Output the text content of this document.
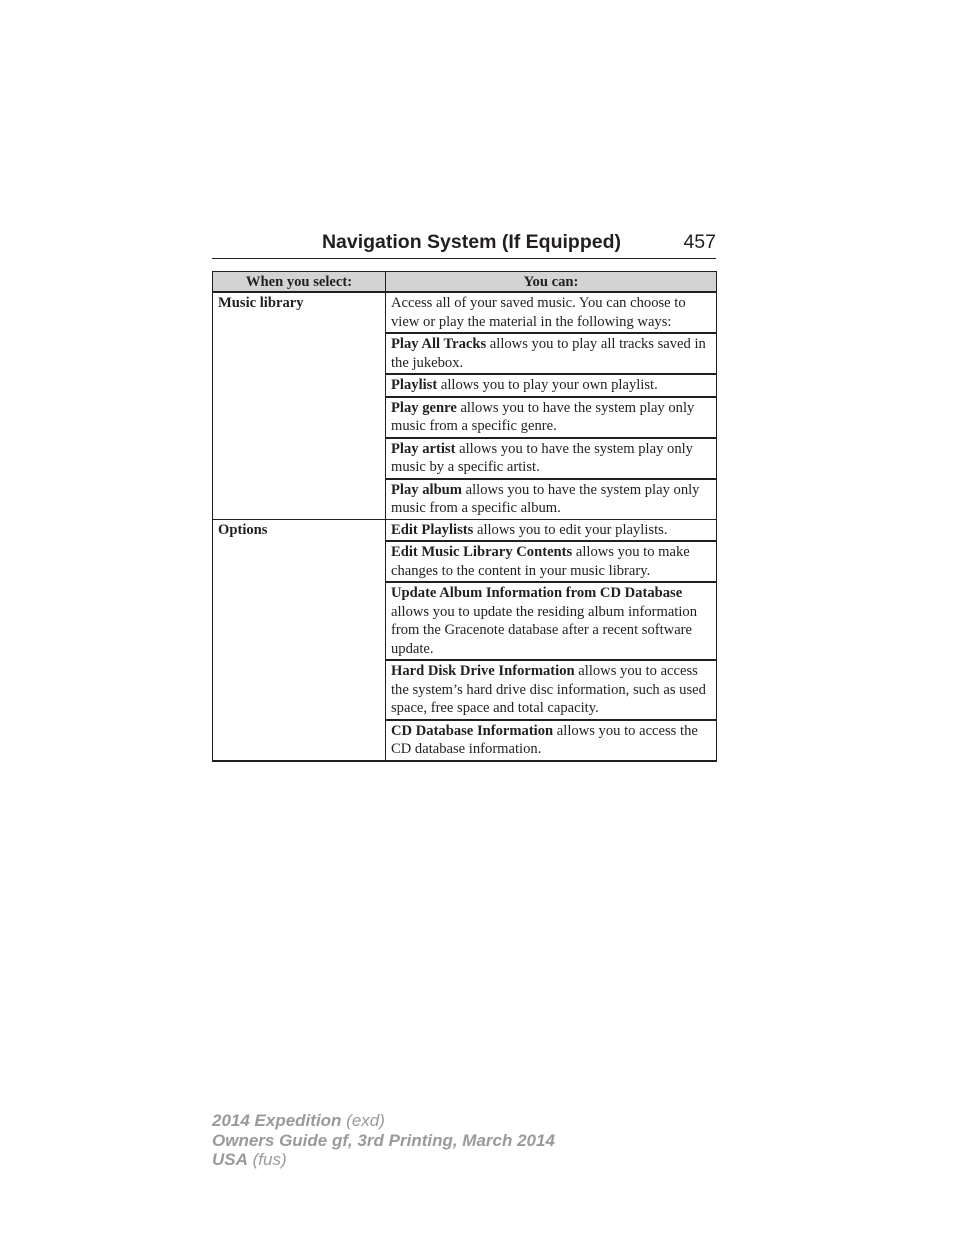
Navigation System (If Equipped)	457
When you select:	You can:
Music library	Access all of your saved music. You can choose to view or play the material in the following ways:
	Play All Tracks allows you to play all tracks saved in the jukebox.
	Playlist allows you to play your own playlist.
	Play genre allows you to have the system play only music from a specific genre.
	Play artist allows you to have the system play only music by a specific artist.
	Play album allows you to have the system play only music from a specific album.
Options	Edit Playlists allows you to edit your playlists.
	Edit Music Library Contents allows you to make changes to the content in your music library.
	Update Album Information from CD Database allows you to update the residing album information from the Gracenote database after a recent software update.
	Hard Disk Drive Information allows you to access the system’s hard drive disc information, such as used space, free space and total capacity.
	CD Database Information allows you to access the CD database information.
2014 Expedition (exd)
Owners Guide gf, 3rd Printing, March 2014
USA (fus)
